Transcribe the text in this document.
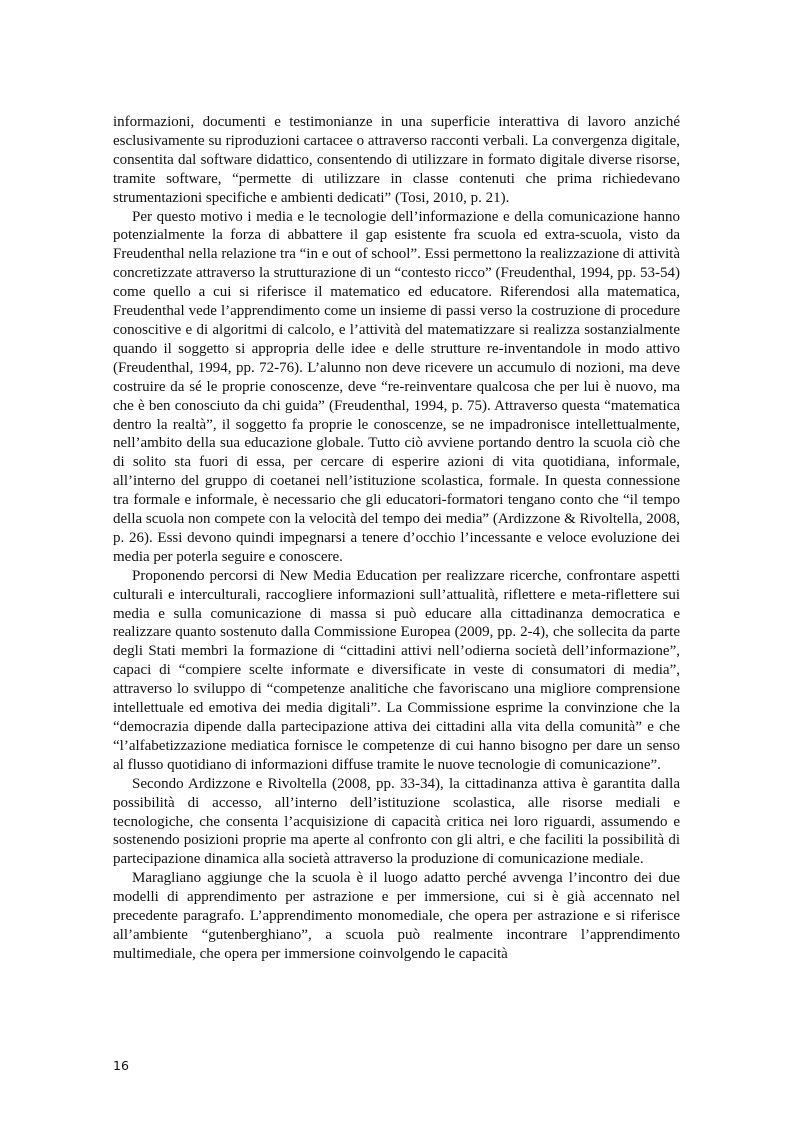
informazioni, documenti e testimonianze in una superficie interattiva di lavoro anziché esclusivamente su riproduzioni cartacee o attraverso racconti verbali. La convergenza digitale, consentita dal software didattico, consentendo di utilizzare in formato digitale diverse risorse, tramite software, “permette di utilizzare in classe contenuti che prima richiedevano strumentazioni specifiche e ambienti dedicati” (Tosi, 2010, p. 21).

Per questo motivo i media e le tecnologie dell’informazione e della comunicazione hanno potenzialmente la forza di abbattere il gap esistente fra scuola ed extra-scuola, visto da Freudenthal nella relazione tra “in e out of school”. Essi permettono la realizzazione di attività concretizzate attraverso la strutturazione di un “contesto ricco” (Freudenthal, 1994, pp. 53-54) come quello a cui si riferisce il matematico ed educatore. Riferendosi alla matematica, Freudenthal vede l’apprendimento come un insieme di passi verso la costruzione di procedure conoscitive e di algoritmi di calcolo, e l’attività del matematizzare si realizza sostanzialmente quando il soggetto si appropria delle idee e delle strutture re-inventandole in modo attivo (Freudenthal, 1994, pp. 72-76). L’alunno non deve ricevere un accumulo di nozioni, ma deve costruire da sé le proprie conoscenze, deve “re-reinventare qualcosa che per lui è nuovo, ma che è ben conosciuto da chi guida” (Freudenthal, 1994, p. 75). Attraverso questa “matematica dentro la realtà”, il soggetto fa proprie le conoscenze, se ne impadronisce intellettualmente, nell’ambito della sua educazione globale. Tutto ciò avviene portando dentro la scuola ciò che di solito sta fuori di essa, per cercare di esperire azioni di vita quotidiana, informale, all’interno del gruppo di coetanei nell’istituzione scolastica, formale. In questa connessione tra formale e informale, è necessario che gli educatori-formatori tengano conto che “il tempo della scuola non compete con la velocità del tempo dei media” (Ardizzone & Rivoltella, 2008, p. 26). Essi devono quindi impegnarsi a tenere d’occhio l’incessante e veloce evoluzione dei media per poterla seguire e conoscere.

Proponendo percorsi di New Media Education per realizzare ricerche, confrontare aspetti culturali e interculturali, raccogliere informazioni sull’attualità, riflettere e meta-riflettere sui media e sulla comunicazione di massa si può educare alla cittadinanza democratica e realizzare quanto sostenuto dalla Commissione Europea (2009, pp. 2-4), che sollecita da parte degli Stati membri la formazione di “cittadini attivi nell’odierna società dell’informazione”, capaci di “compiere scelte informate e diversificate in veste di consumatori di media”, attraverso lo sviluppo di “competenze analitiche che favoriscano una migliore comprensione intellettuale ed emotiva dei media digitali”. La Commissione esprime la convinzione che la “democrazia dipende dalla partecipazione attiva dei cittadini alla vita della comunità” e che “l’alfabetizzazione mediatica fornisce le competenze di cui hanno bisogno per dare un senso al flusso quotidiano di informazioni diffuse tramite le nuove tecnologie di comunicazione”.

Secondo Ardizzone e Rivoltella (2008, pp. 33-34), la cittadinanza attiva è garantita dalla possibilità di accesso, all’interno dell’istituzione scolastica, alle risorse mediali e tecnologiche, che consenta l’acquisizione di capacità critica nei loro riguardi, assumendo e sostenendo posizioni proprie ma aperte al confronto con gli altri, e che faciliti la possibilità di partecipazione dinamica alla società attraverso la produzione di comunicazione mediale.

Maragliano aggiunge che la scuola è il luogo adatto perché avvenga l’incontro dei due modelli di apprendimento per astrazione e per immersione, cui si è già accennato nel precedente paragrafo. L’apprendimento monomediale, che opera per astrazione e si riferisce all’ambiente “gutenberghiano”, a scuola può realmente incontrare l’apprendimento multimediale, che opera per immersione coinvolgendo le capacità

16
